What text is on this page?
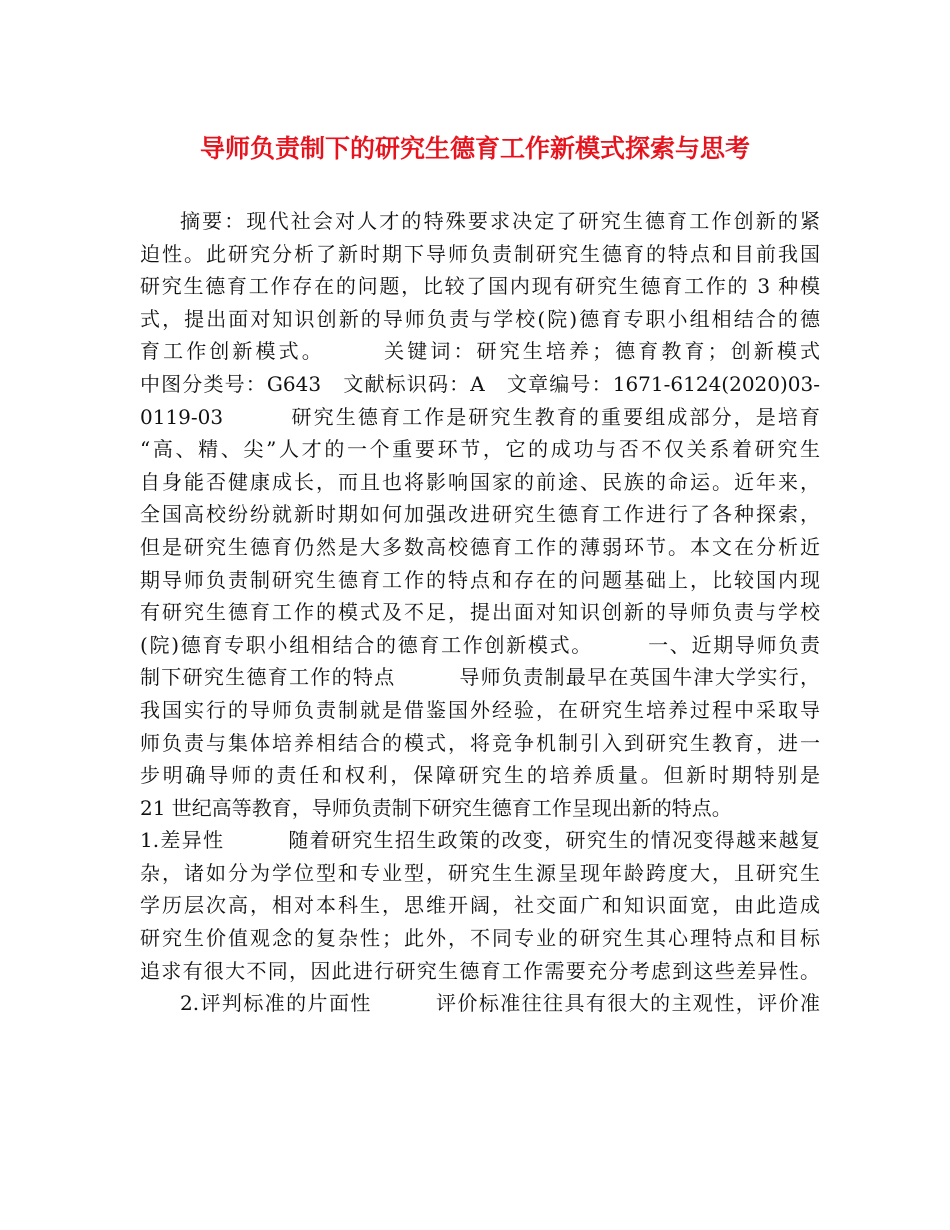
导师负责制下的研究生德育工作新模式探索与思考
摘要：现代社会对人才的特殊要求决定了研究生德育工作创新的紧
迫性。此研究分析了新时期下导师负责制研究生德育的特点和目前我国
研究生德育工作存在的问题，比较了国内现有研究生德育工作的 3 种模
式，提出面对知识创新的导师负责与学校(院)德育专职小组相结合的德
育工作创新模式。　　　关键词：研究生培养；德育教育；创新模式
中图分类号：G643　文献标识码：A　文章编号：1671-6124(2020)03-
0119-03　　　研究生德育工作是研究生教育的重要组成部分，是培育
“高、精、尖”人才的一个重要环节，它的成功与否不仅关系着研究生
自身能否健康成长，而且也将影响国家的前途、民族的命运。近年来，
全国高校纷纷就新时期如何加强改进研究生德育工作进行了各种探索，
但是研究生德育仍然是大多数高校德育工作的薄弱环节。本文在分析近
期导师负责制研究生德育工作的特点和存在的问题基础上，比较国内现
有研究生德育工作的模式及不足，提出面对知识创新的导师负责与学校
(院)德育专职小组相结合的德育工作创新模式。　　　一、近期导师负责
制下研究生德育工作的特点　　　导师负责制最早在英国牛津大学实行，
我国实行的导师负责制就是借鉴国外经验，在研究生培养过程中采取导
师负责与集体培养相结合的模式，将竞争机制引入到研究生教育，进一
步明确导师的责任和权利，保障研究生的培养质量。但新时期特别是
21 世纪高等教育，导师负责制下研究生德育工作呈现出新的特点。
1.差异性　　　随着研究生招生政策的改变，研究生的情况变得越来越复
杂，诸如分为学位型和专业型，研究生生源呈现年龄跨度大，且研究生
学历层次高，相对本科生，思维开阔，社交面广和知识面宽，由此造成
研究生价值观念的复杂性；此外，不同专业的研究生其心理特点和目标
追求有很大不同，因此进行研究生德育工作需要充分考虑到这些差异性。
2.评判标准的片面性　　　评价标准往往具有很大的主观性，评价准
